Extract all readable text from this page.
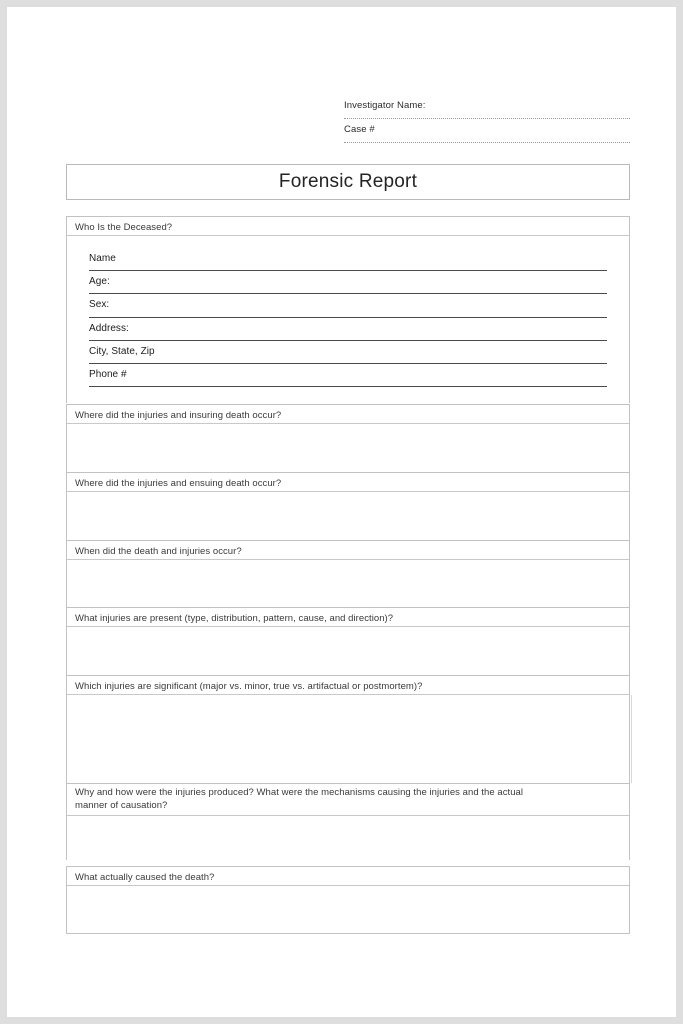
Investigator Name:
Case #
Forensic Report
Who Is the Deceased?
Name
Age:
Sex:
Address:
City, State, Zip
Phone #
Where did the injuries and insuring death occur?
Where did the injuries and ensuing death occur?
When did the death and injuries occur?
What injuries are present (type, distribution, pattern, cause, and direction)?
Which injuries are significant (major vs. minor, true vs. artifactual or postmortem)?
Why and how were the injuries produced? What were the mechanisms causing the injuries and the actual manner of causation?
What actually caused the death?
